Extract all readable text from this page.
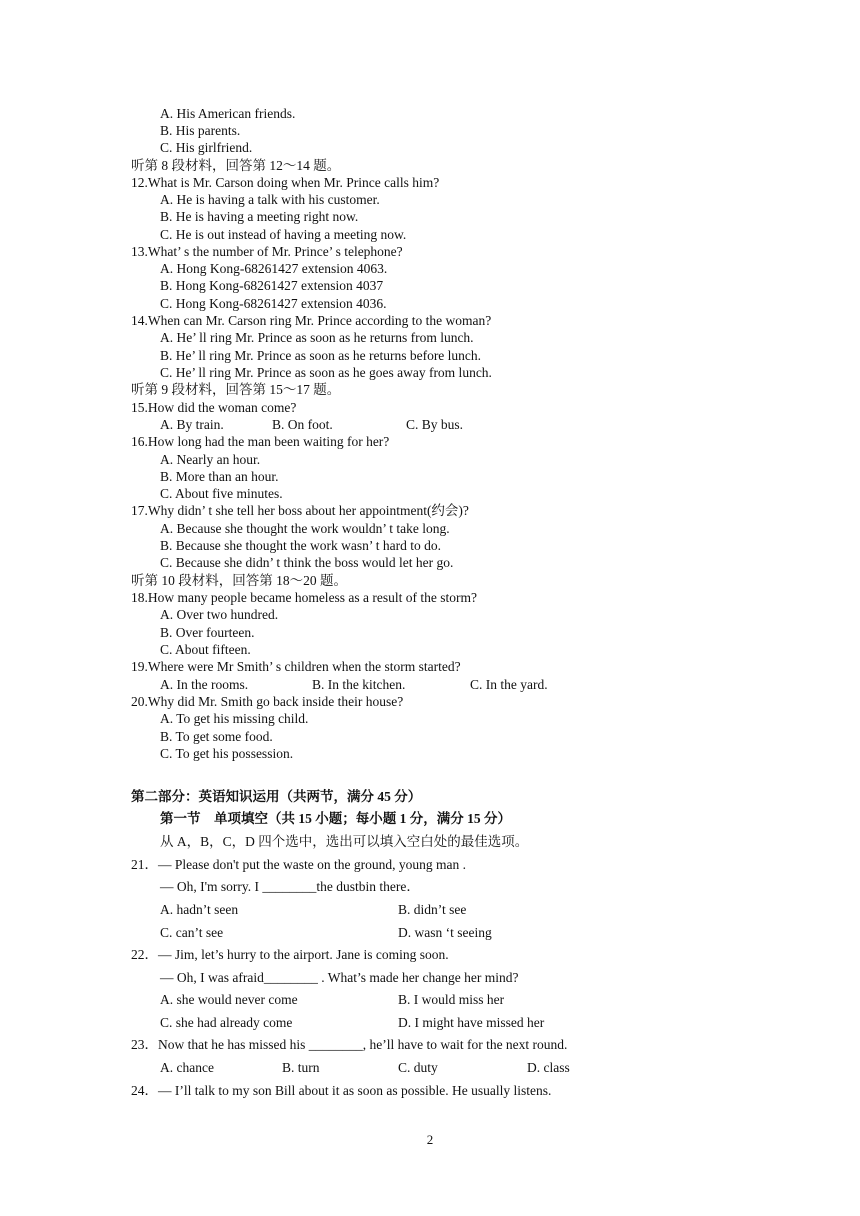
A. His American friends.
B. His parents.
C. His girlfriend.
听第 8 段材料，回答第 12～14 题。
12.What is Mr. Carson doing when Mr. Prince calls him?
A. He is having a talk with his customer.
B. He is having a meeting right now.
C. He is out instead of having a meeting now.
13.What’ s the number of Mr. Prince’ s telephone?
A. Hong Kong-68261427 extension 4063.
B. Hong Kong-68261427 extension 4037
C. Hong Kong-68261427 extension 4036.
14.When can Mr. Carson ring Mr. Prince according to the woman?
A. He’ ll ring Mr. Prince as soon as he returns from lunch.
B. He’ ll ring Mr. Prince as soon as he returns before lunch.
C. He’ ll ring Mr. Prince as soon as he goes away from lunch.
听第 9 段材料，回答第 15～17 题。
15.How did the woman come?
A. By train.	B. On foot.	C. By bus.
16.How long had the man been waiting for her?
A. Nearly an hour.
B. More than an hour.
C. About five minutes.
17.Why didn’ t she tell her boss about her appointment(约会)?
A. Because she thought the work wouldn’ t take long.
B. Because she thought the work wasn’ t hard to do.
C. Because she didn’ t think the boss would let her go.
听第 10 段材料，回答第 18～20 题。
18.How many people became homeless as a result of the storm?
A. Over two hundred.
B. Over fourteen.
C. About fifteen.
19.Where were Mr Smith’ s children when the storm started?
A. In the rooms.	B. In the kitchen.	C. In the yard.
20.Why did Mr. Smith go back inside their house?
A. To get his missing child.
B. To get some food.
C. To get his possession.
第二部分：英语知识运用（共两节，满分 45 分）
第一节　单项填空（共 15 小题；每小题 1 分，满分 15 分）
从 A，B，C，D 四个选中，选出可以填入空白处的最佳选项。
21．— Please don't put the waste on the ground, young man .
— Oh, I'm sorry. I ________the dustbin there．
A. hadn’t seen	B. didn’t see
C. can’t see	D. wasn ‘t seeing
22．— Jim, let’s hurry to the airport. Jane is coming soon.
— Oh, I was afraid________ . What’s made her change her mind?
A. she would never come	B. I would miss her
C. she had already come	D. I might have missed her
23．Now that he has missed his ________, he’ll have to wait for the next round.
A. chance	B. turn	C. duty	D. class
24．— I’ll talk to my son Bill about it as soon as possible. He usually listens.
2
